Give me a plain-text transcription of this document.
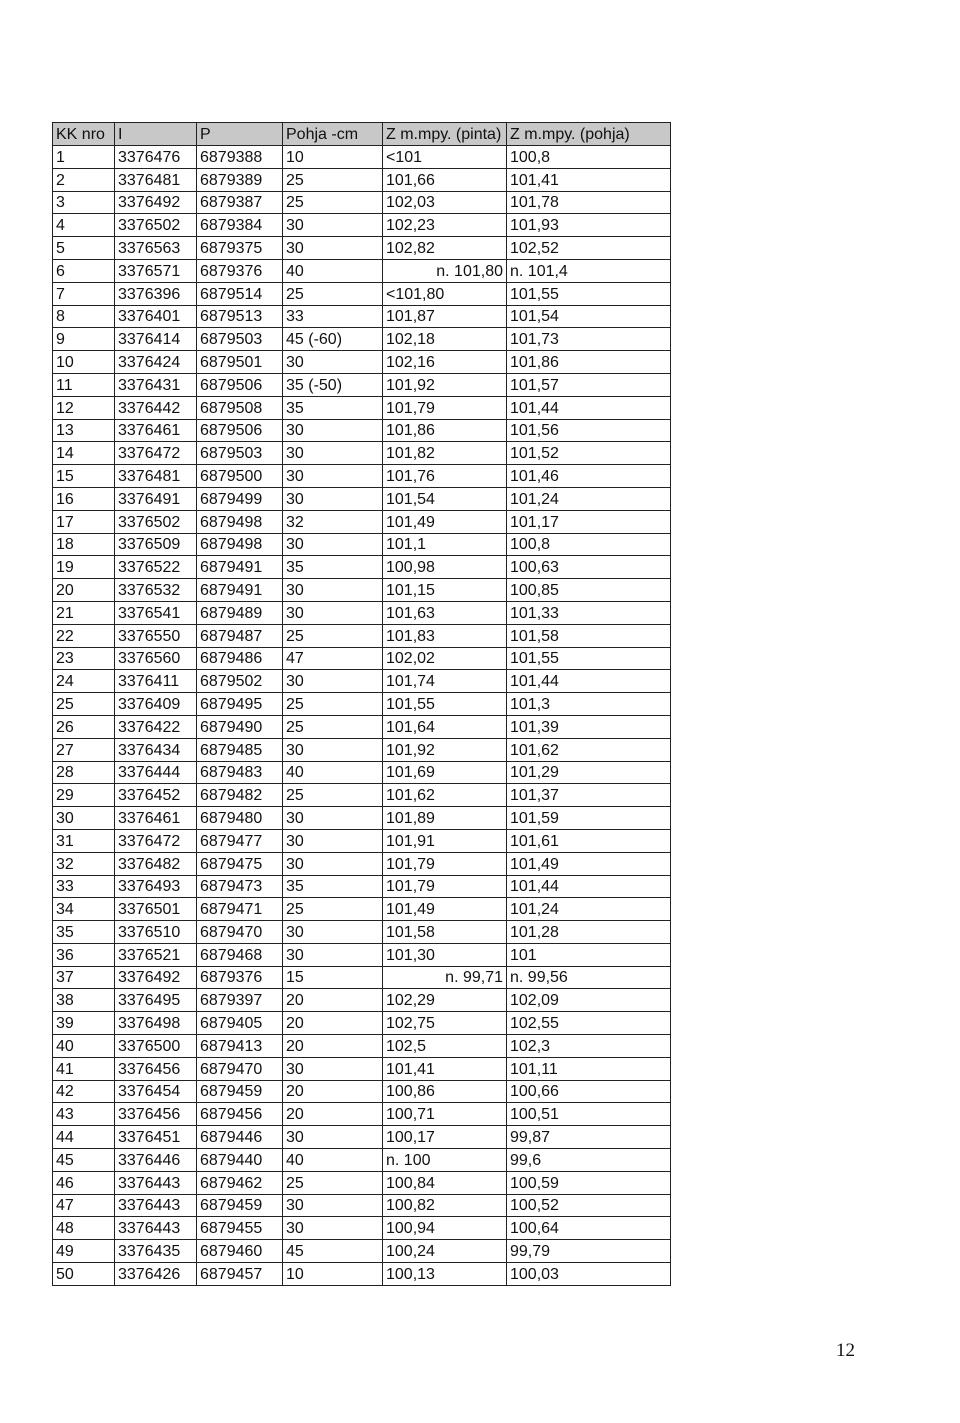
KK nro	I	P	Pohja -cm	Z m.mpy. (pinta)	Z m.mpy. (pohja)
1	3376476	6879388	10	<101	100,8
2	3376481	6879389	25	101,66	101,41
3	3376492	6879387	25	102,03	101,78
4	3376502	6879384	30	102,23	101,93
5	3376563	6879375	30	102,82	102,52
6	3376571	6879376	40	n. 101,80	n. 101,4
7	3376396	6879514	25	<101,80	101,55
8	3376401	6879513	33	101,87	101,54
9	3376414	6879503	45 (-60)	102,18	101,73
10	3376424	6879501	30	102,16	101,86
11	3376431	6879506	35 (-50)	101,92	101,57
12	3376442	6879508	35	101,79	101,44
13	3376461	6879506	30	101,86	101,56
14	3376472	6879503	30	101,82	101,52
15	3376481	6879500	30	101,76	101,46
16	3376491	6879499	30	101,54	101,24
17	3376502	6879498	32	101,49	101,17
18	3376509	6879498	30	101,1	100,8
19	3376522	6879491	35	100,98	100,63
20	3376532	6879491	30	101,15	100,85
21	3376541	6879489	30	101,63	101,33
22	3376550	6879487	25	101,83	101,58
23	3376560	6879486	47	102,02	101,55
24	3376411	6879502	30	101,74	101,44
25	3376409	6879495	25	101,55	101,3
26	3376422	6879490	25	101,64	101,39
27	3376434	6879485	30	101,92	101,62
28	3376444	6879483	40	101,69	101,29
29	3376452	6879482	25	101,62	101,37
30	3376461	6879480	30	101,89	101,59
31	3376472	6879477	30	101,91	101,61
32	3376482	6879475	30	101,79	101,49
33	3376493	6879473	35	101,79	101,44
34	3376501	6879471	25	101,49	101,24
35	3376510	6879470	30	101,58	101,28
36	3376521	6879468	30	101,30	101
37	3376492	6879376	15	n. 99,71	n. 99,56
38	3376495	6879397	20	102,29	102,09
39	3376498	6879405	20	102,75	102,55
40	3376500	6879413	20	102,5	102,3
41	3376456	6879470	30	101,41	101,11
42	3376454	6879459	20	100,86	100,66
43	3376456	6879456	20	100,71	100,51
44	3376451	6879446	30	100,17	99,87
45	3376446	6879440	40	n. 100	99,6
46	3376443	6879462	25	100,84	100,59
47	3376443	6879459	30	100,82	100,52
48	3376443	6879455	30	100,94	100,64
49	3376435	6879460	45	100,24	99,79
50	3376426	6879457	10	100,13	100,03
12
